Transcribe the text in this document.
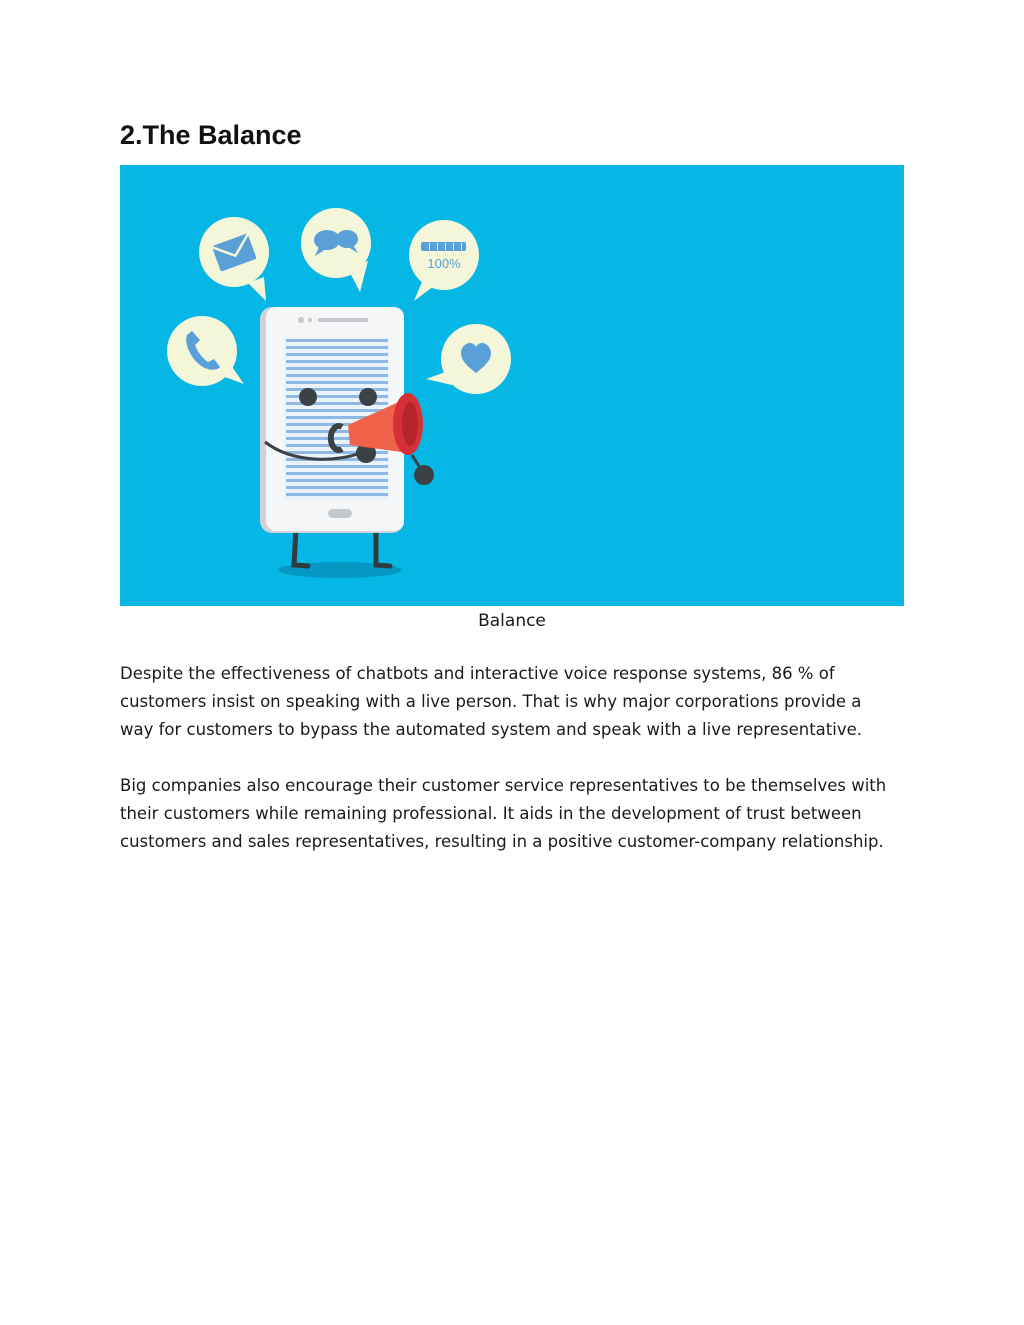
2.The Balance
100%
Balance

Despite the effectiveness of chatbots and interactive voice response systems, 86 % of customers insist on speaking with a live person. That is why major corporations provide a way for customers to bypass the automated system and speak with a live representative.

Big companies also encourage their customer service representatives to be themselves with their customers while remaining professional. It aids in the development of trust between customers and sales representatives, resulting in a positive customer-company relationship.
